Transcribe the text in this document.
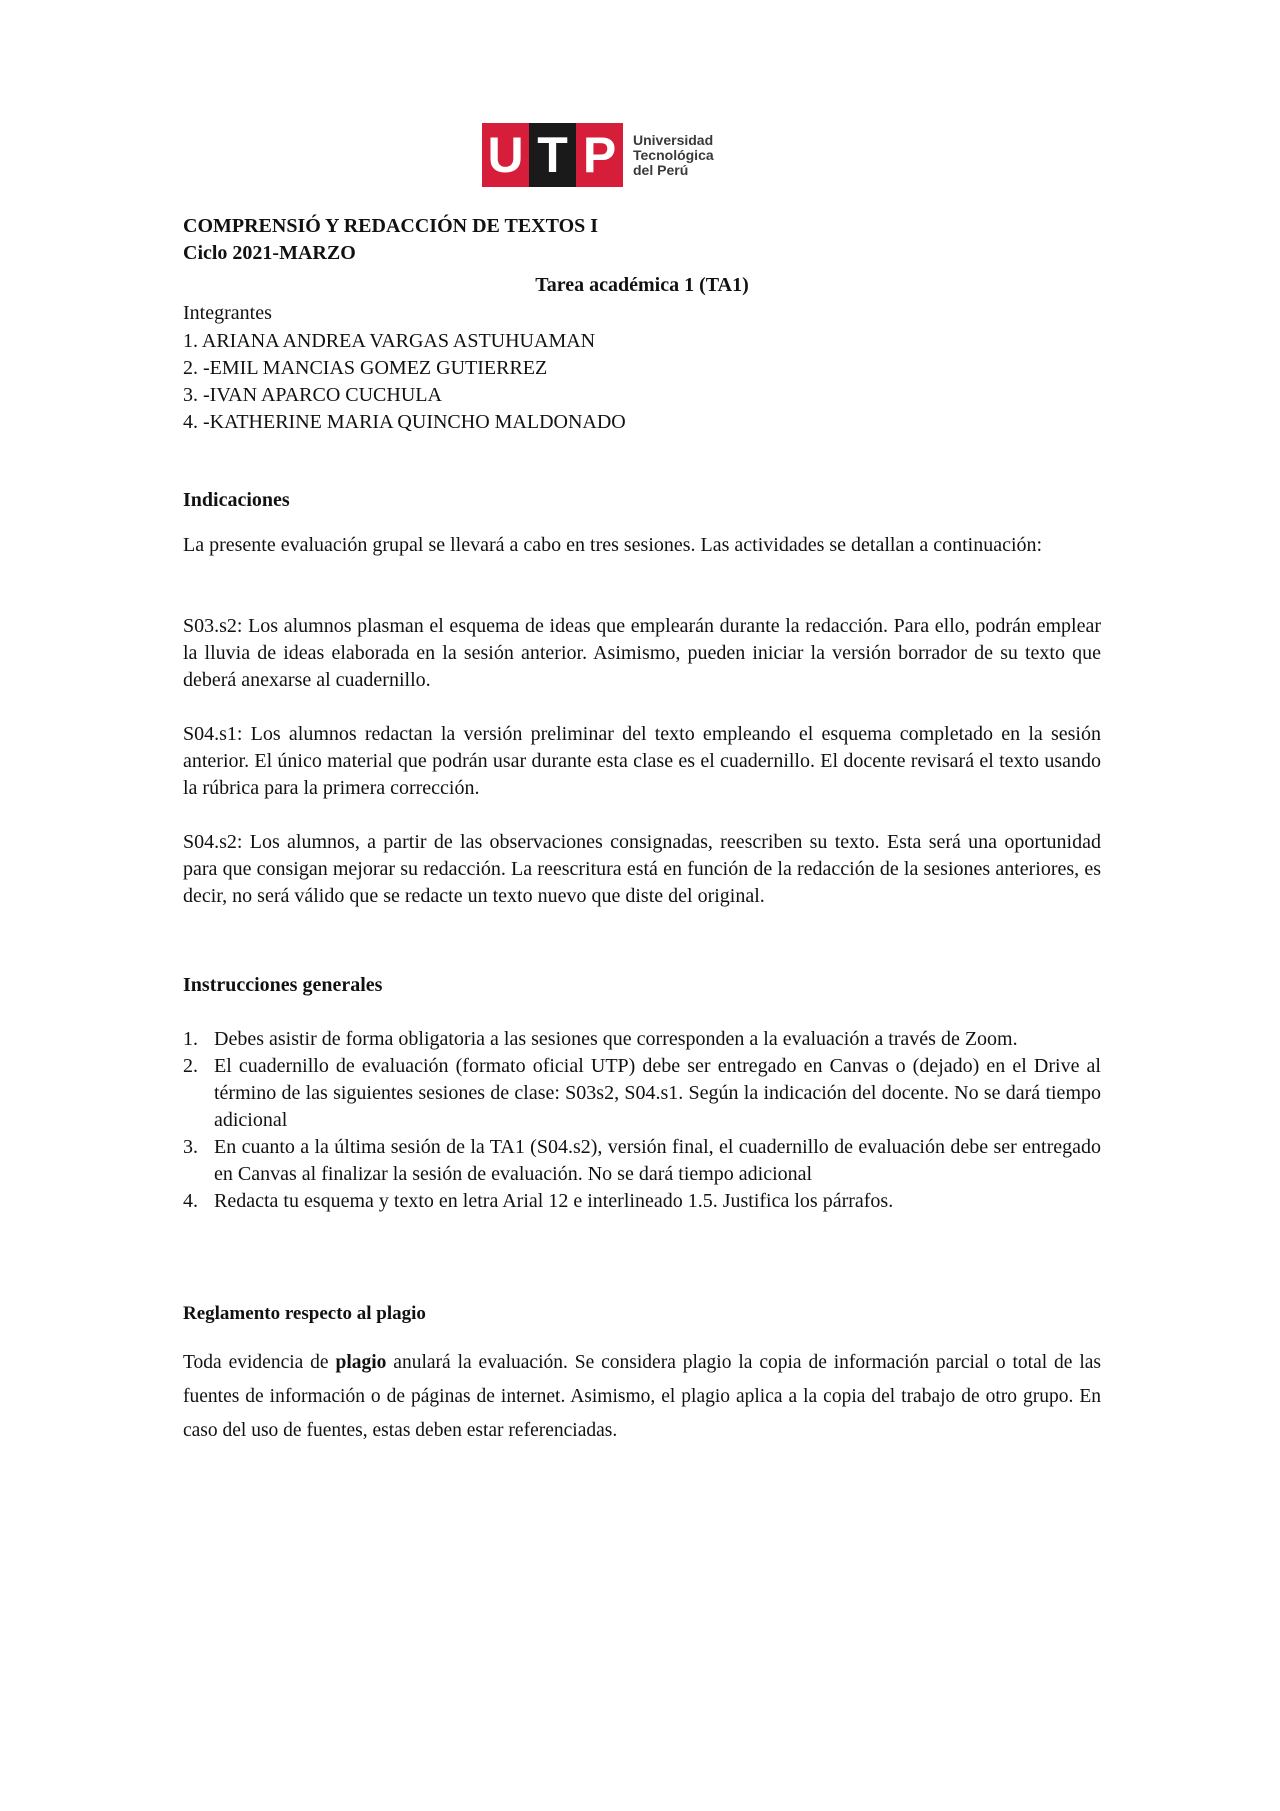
U T P	Universidad
Tecnológica
del Perú
COMPRENSIÓ Y REDACCIÓN DE TEXTOS I
Ciclo 2021-MARZO
Tarea académica 1 (TA1)
Integrantes
1. ARIANA ANDREA VARGAS ASTUHUAMAN
2. -EMIL MANCIAS GOMEZ GUTIERREZ
3. -IVAN APARCO CUCHULA
4. -KATHERINE MARIA QUINCHO MALDONADO
Indicaciones
La presente evaluación grupal se llevará a cabo en tres sesiones. Las actividades se detallan a continuación:
S03.s2: Los alumnos plasman el esquema de ideas que emplearán durante la redacción. Para ello, podrán emplear la lluvia de ideas elaborada en la sesión anterior. Asimismo, pueden iniciar la versión borrador de su texto que deberá anexarse al cuadernillo.
S04.s1: Los alumnos redactan la versión preliminar del texto empleando el esquema completado en la sesión anterior. El único material que podrán usar durante esta clase es el cuadernillo. El docente revisará el texto usando la rúbrica para la primera corrección.
S04.s2: Los alumnos, a partir de las observaciones consignadas, reescriben su texto. Esta será una oportunidad para que consigan mejorar su redacción. La reescritura está en función de la redacción de la sesiones anteriores, es decir, no será válido que se redacte un texto nuevo que diste del original.
Instrucciones generales
1. Debes asistir de forma obligatoria a las sesiones que corresponden a la evaluación a través de Zoom.
2. El cuadernillo de evaluación (formato oficial UTP) debe ser entregado en Canvas o (dejado) en el Drive al término de las siguientes sesiones de clase: S03s2, S04.s1. Según la indicación del docente. No se dará tiempo adicional
3. En cuanto a la última sesión de la TA1 (S04.s2), versión final, el cuadernillo de evaluación debe ser entregado en Canvas al finalizar la sesión de evaluación. No se dará tiempo adicional
4. Redacta tu esquema y texto en letra Arial 12 e interlineado 1.5. Justifica los párrafos.
Reglamento respecto al plagio
Toda evidencia de plagio anulará la evaluación. Se considera plagio la copia de información parcial o total de las fuentes de información o de páginas de internet. Asimismo, el plagio aplica a la copia del trabajo de otro grupo. En caso del uso de fuentes, estas deben estar referenciadas.
